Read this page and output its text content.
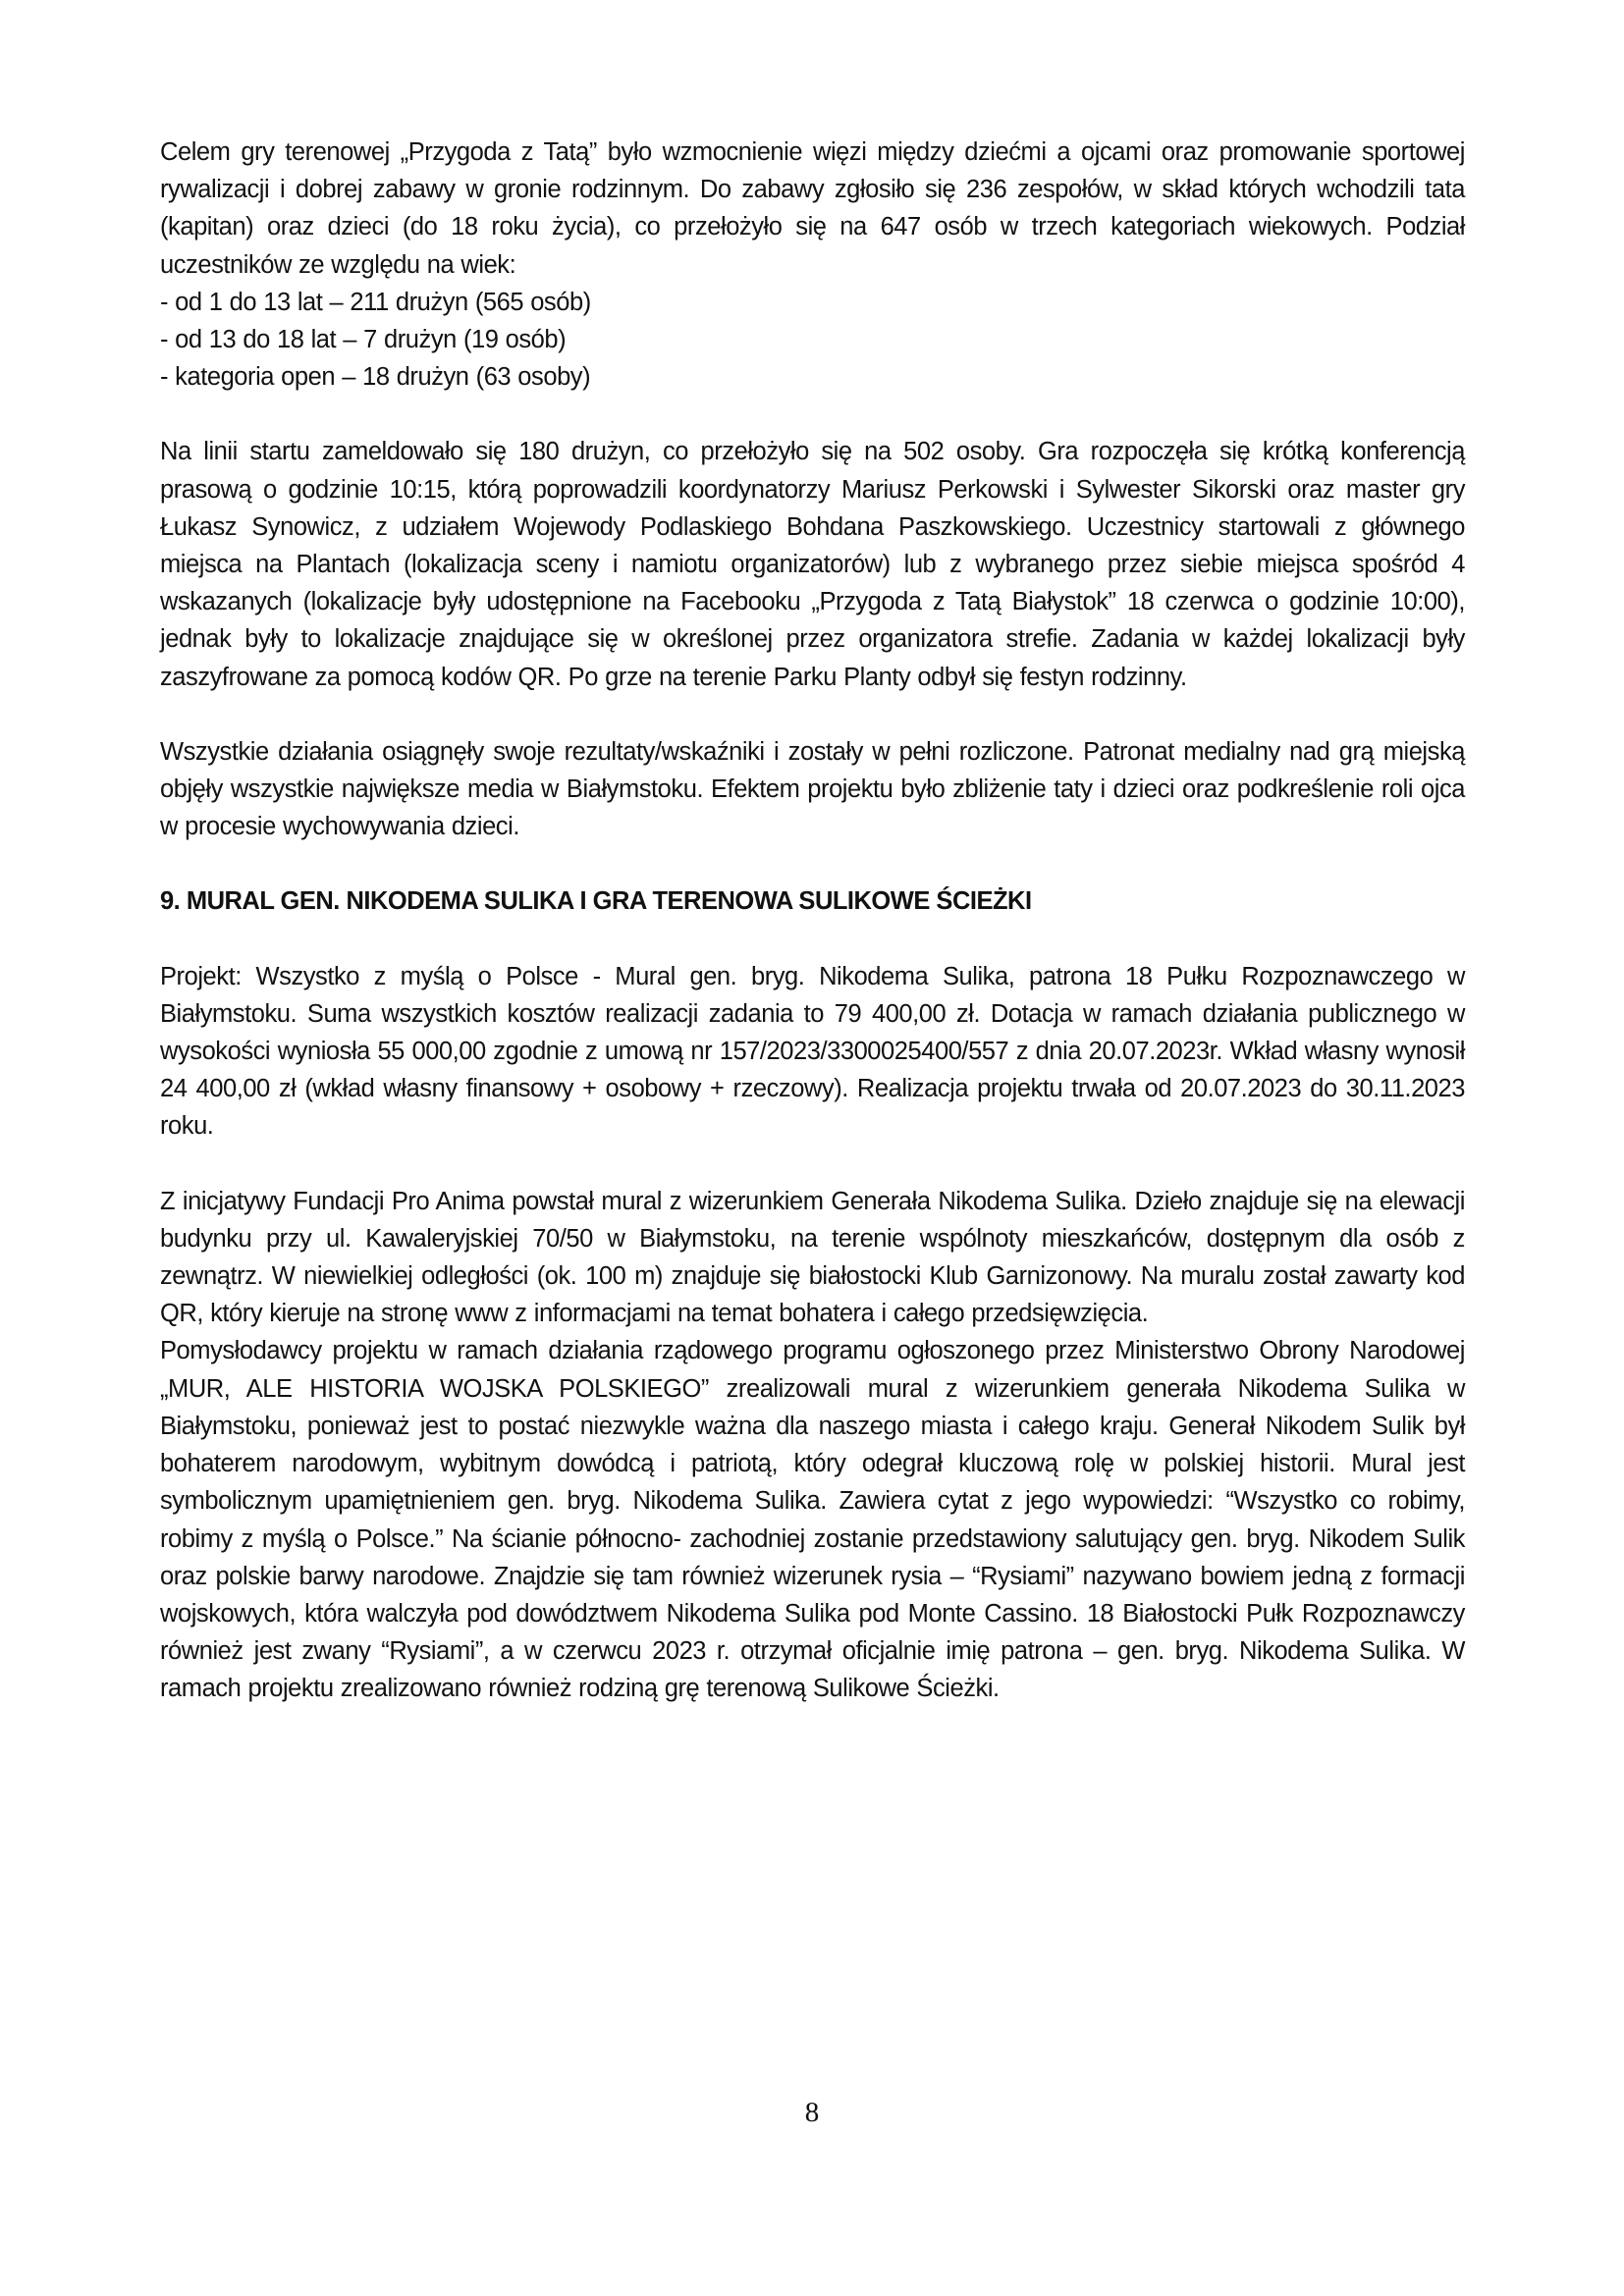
Celem gry terenowej „Przygoda z Tatą” było wzmocnienie więzi między dziećmi a ojcami oraz promowanie sportowej rywalizacji i dobrej zabawy w gronie rodzinnym. Do zabawy zgłosiło się 236 zespołów, w skład których wchodzili tata (kapitan) oraz dzieci (do 18 roku życia), co przełożyło się na 647 osób w trzech kategoriach wiekowych. Podział uczestników ze względu na wiek:

- od 1 do 13 lat – 211 drużyn (565 osób)
- od 13 do 18 lat – 7 drużyn (19 osób)
- kategoria open – 18 drużyn (63 osoby)

Na linii startu zameldowało się 180 drużyn, co przełożyło się na 502 osoby. Gra rozpoczęła się krótką konferencją prasową o godzinie 10:15, którą poprowadzili koordynatorzy Mariusz Perkowski i Sylwester Sikorski oraz master gry Łukasz Synowicz, z udziałem Wojewody Podlaskiego Bohdana Paszkowskiego. Uczestnicy startowali z głównego miejsca na Plantach (lokalizacja sceny i namiotu organizatorów) lub z wybranego przez siebie miejsca spośród 4 wskazanych (lokalizacje były udostępnione na Facebooku „Przygoda z Tatą Białystok” 18 czerwca o godzinie 10:00), jednak były to lokalizacje znajdujące się w określonej przez organizatora strefie. Zadania w każdej lokalizacji były zaszyfrowane za pomocą kodów QR. Po grze na terenie Parku Planty odbył się festyn rodzinny.

Wszystkie działania osiągnęły swoje rezultaty/wskaźniki i zostały w pełni rozliczone. Patronat medialny nad grą miejską objęły wszystkie największe media w Białymstoku. Efektem projektu było zbliżenie taty i dzieci oraz podkreślenie roli ojca w procesie wychowywania dzieci.

9. MURAL GEN. NIKODEMA SULIKA I GRA TERENOWA SULIKOWE ŚCIEŻKI

Projekt: Wszystko z myślą o Polsce - Mural gen. bryg. Nikodema Sulika, patrona 18 Pułku Rozpoznawczego w Białymstoku. Suma wszystkich kosztów realizacji zadania to 79 400,00 zł. Dotacja w ramach działania publicznego w wysokości wyniosła 55 000,00 zgodnie z umową nr 157/2023/3300025400/557 z dnia 20.07.2023r. Wkład własny wynosił 24 400,00 zł (wkład własny finansowy + osobowy + rzeczowy). Realizacja projektu trwała od 20.07.2023 do 30.11.2023 roku.

Z inicjatywy Fundacji Pro Anima powstał mural z wizerunkiem Generała Nikodema Sulika. Dzieło znajduje się na elewacji budynku przy ul. Kawaleryjskiej 70/50 w Białymstoku, na terenie wspólnoty mieszkańców, dostępnym dla osób z zewnątrz. W niewielkiej odległości (ok. 100 m) znajduje się białostocki Klub Garnizonowy. Na muralu został zawarty kod QR, który kieruje na stronę www z informacjami na temat bohatera i całego przedsięwzięcia.

Pomysłodawcy projektu w ramach działania rządowego programu ogłoszonego przez Ministerstwo Obrony Narodowej „MUR, ALE HISTORIA WOJSKA POLSKIEGO” zrealizowali mural z wizerunkiem generała Nikodema Sulika w Białymstoku, ponieważ jest to postać niezwykle ważna dla naszego miasta i całego kraju. Generał Nikodem Sulik był bohaterem narodowym, wybitnym dowódcą i patriotą, który odegrał kluczową rolę w polskiej historii. Mural jest symbolicznym upamiętnieniem gen. bryg. Nikodema Sulika. Zawiera cytat z jego wypowiedzi: “Wszystko co robimy, robimy z myślą o Polsce.” Na ścianie północno- zachodniej zostanie przedstawiony salutujący gen. bryg. Nikodem Sulik oraz polskie barwy narodowe. Znajdzie się tam również wizerunek rysia – “Rysiami” nazywano bowiem jedną z formacji wojskowych, która walczyła pod dowództwem Nikodema Sulika pod Monte Cassino. 18 Białostocki Pułk Rozpoznawczy również jest zwany “Rysiami”, a w czerwcu 2023 r. otrzymał oficjalnie imię patrona – gen. bryg. Nikodema Sulika. W ramach projektu zrealizowano również rodziną grę terenową Sulikowe Ścieżki.

8
